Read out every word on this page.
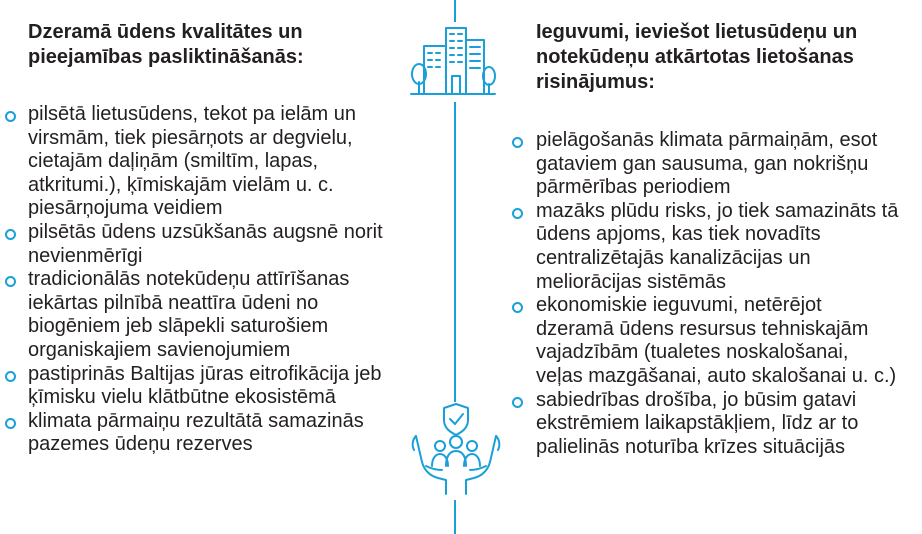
Dzeramā ūdens kvalitātes un
pieejamības pasliktināšanās:
pilsētā lietusūdens, tekot pa ielām un
virsmām, tiek piesārņots ar degvielu,
cietajām daļiņām (smiltīm, lapas,
atkritumi.), ķīmiskajām vielām u. c.
piesārņojuma veidiem
pilsētās ūdens uzsūkšanās augsnē norit
nevienmērīgi
tradicionālās notekūdeņu attīrīšanas
iekārtas pilnībā neattīra ūdeni no
biogēniem jeb slāpekli saturošiem
organiskajiem savienojumiem
pastiprinās Baltijas jūras eitrofikācija jeb
ķīmisku vielu klātbūtne ekosistēmā
klimata pārmaiņu rezultātā samazinās
pazemes ūdeņu rezerves
Ieguvumi, ieviešot lietusūdeņu un
notekūdeņu atkārtotas lietošanas
risinājumus:
pielāgošanās klimata pārmaiņām, esot
gataviem gan sausuma, gan nokrišņu
pārmērības periodiem
mazāks plūdu risks, jo tiek samazināts tā
ūdens apjoms, kas tiek novadīts
centralizētajās kanalizācijas un
meliorācijas sistēmās
ekonomiskie ieguvumi, netērējot
dzeramā ūdens resursus tehniskajām
vajadzībām (tualetes noskalošanai,
veļas mazgāšanai, auto skalošanai u. c.)
sabiedrības drošība, jo būsim gatavi
ekstrēmiem laikapstākļiem, līdz ar to
palielinās noturība krīzes situācijās
